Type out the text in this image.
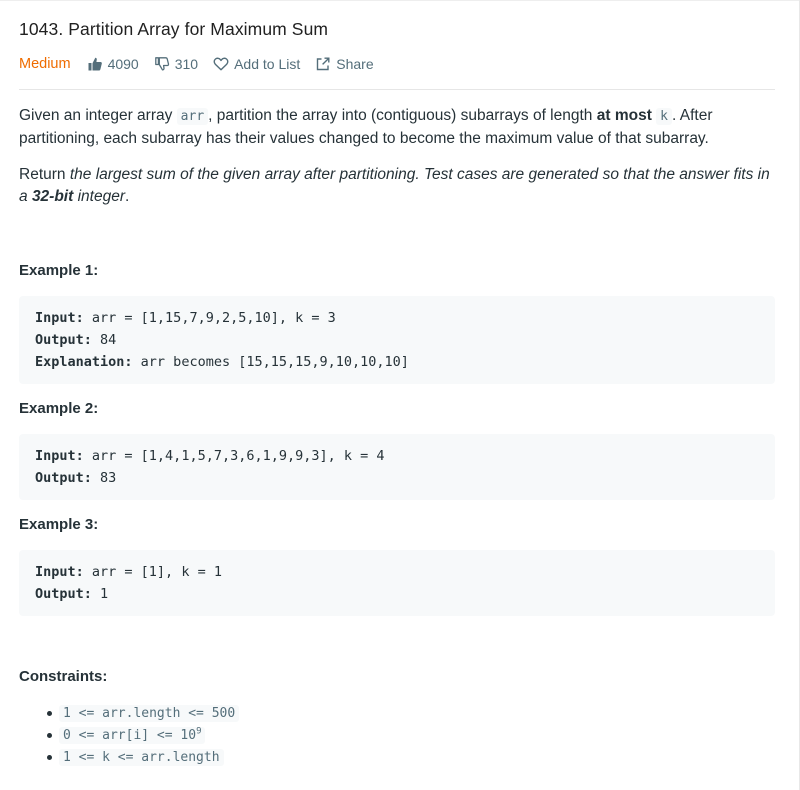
1043. Partition Array for Maximum Sum
Medium	4090	310	Add to List	Share
Given an integer array arr , partition the array into (contiguous) subarrays of length at most k . After partitioning, each subarray has their values changed to become the maximum value of that subarray.
Return the largest sum of the given array after partitioning. Test cases are generated so that the answer fits in a 32-bit integer.
Example 1:
Input: arr = [1,15,7,9,2,5,10], k = 3
Output: 84
Explanation: arr becomes [15,15,15,9,10,10,10]
Example 2:
Input: arr = [1,4,1,5,7,3,6,1,9,9,3], k = 4
Output: 83
Example 3:
Input: arr = [1], k = 1
Output: 1
Constraints:
1 <= arr.length <= 500
$0 <= arr[i] <= 10^9$
1 <= k <= arr.length
